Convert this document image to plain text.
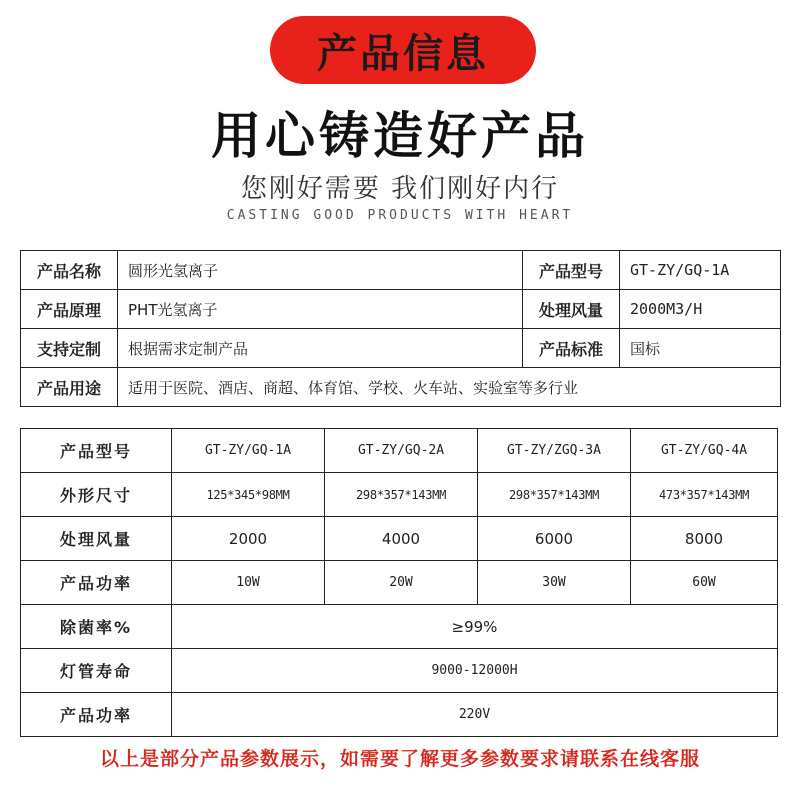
产品信息
用心铸造好产品
您刚好需要 我们刚好内行
CASTING GOOD PRODUCTS WITH HEART
产品名称	圆形光氢离子	产品型号	GT-ZY/GQ-1A
产品原理	PHT光氢离子	处理风量	2000M3/H
支持定制	根据需求定制产品	产品标准	国标
产品用途	适用于医院、酒店、商超、体育馆、学校、火车站、实验室等多行业		
产品型号	GT-ZY/GQ-1A	GT-ZY/GQ-2A	GT-ZY/ZGQ-3A	GT-ZY/GQ-4A
外形尺寸	125*345*98MM	298*357*143MM	298*357*143MM	473*357*143MM
处理风量	2000	4000	6000	8000
产品功率	10W	20W	30W	60W
除菌率%	≥99%			
灯管寿命	9000-12000H			
产品功率	220V			
以上是部分产品参数展示，如需要了解更多参数要求请联系在线客服
